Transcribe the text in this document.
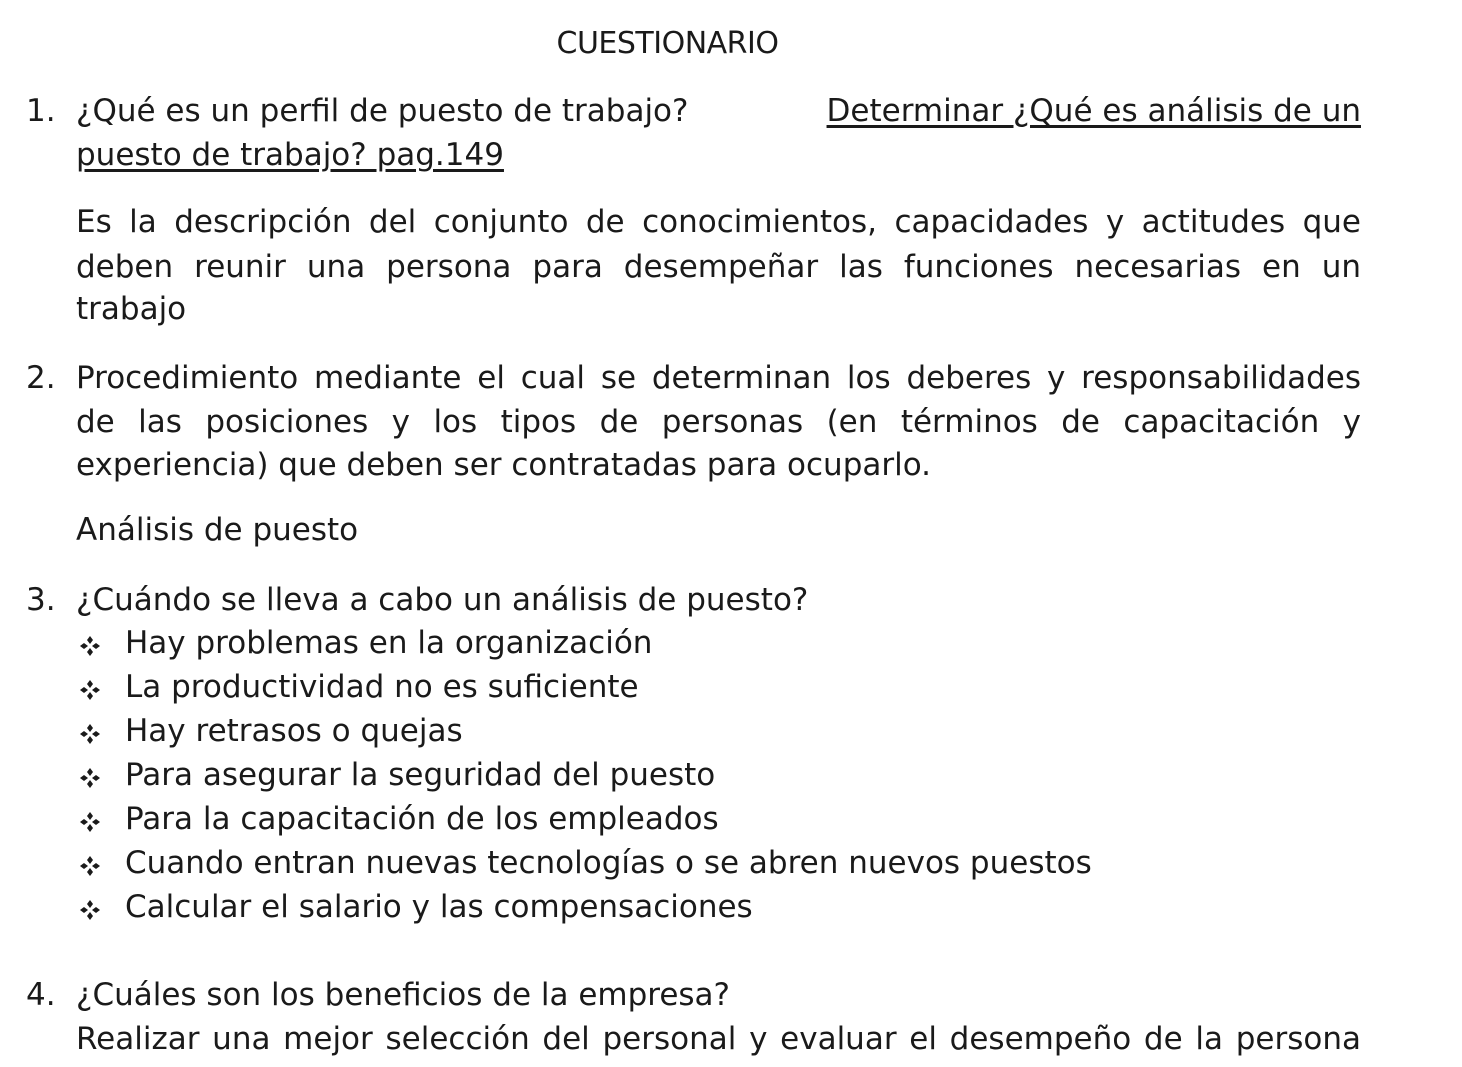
CUESTIONARIO
1. ¿Qué es un perfil de puesto de trabajo?	Determinar ¿Qué es análisis de un
puesto de trabajo? pag.149
Es la descripción del conjunto de conocimientos, capacidades y actitudes que
deben reunir una persona para desempeñar las funciones necesarias en un
trabajo
2. Procedimiento mediante el cual se determinan los deberes y responsabilidades
de las posiciones y los tipos de personas (en términos de capacitación y
experiencia) que deben ser contratadas para ocuparlo.
Análisis de puesto
3. ¿Cuándo se lleva a cabo un análisis de puesto?
Hay problemas en la organización
La productividad no es suficiente
Hay retrasos o quejas
Para asegurar la seguridad del puesto
Para la capacitación de los empleados
Cuando entran nuevas tecnologías o se abren nuevos puestos
Calcular el salario y las compensaciones
4. ¿Cuáles son los beneficios de la empresa?
Realizar una mejor selección del personal y evaluar el desempeño de la persona
